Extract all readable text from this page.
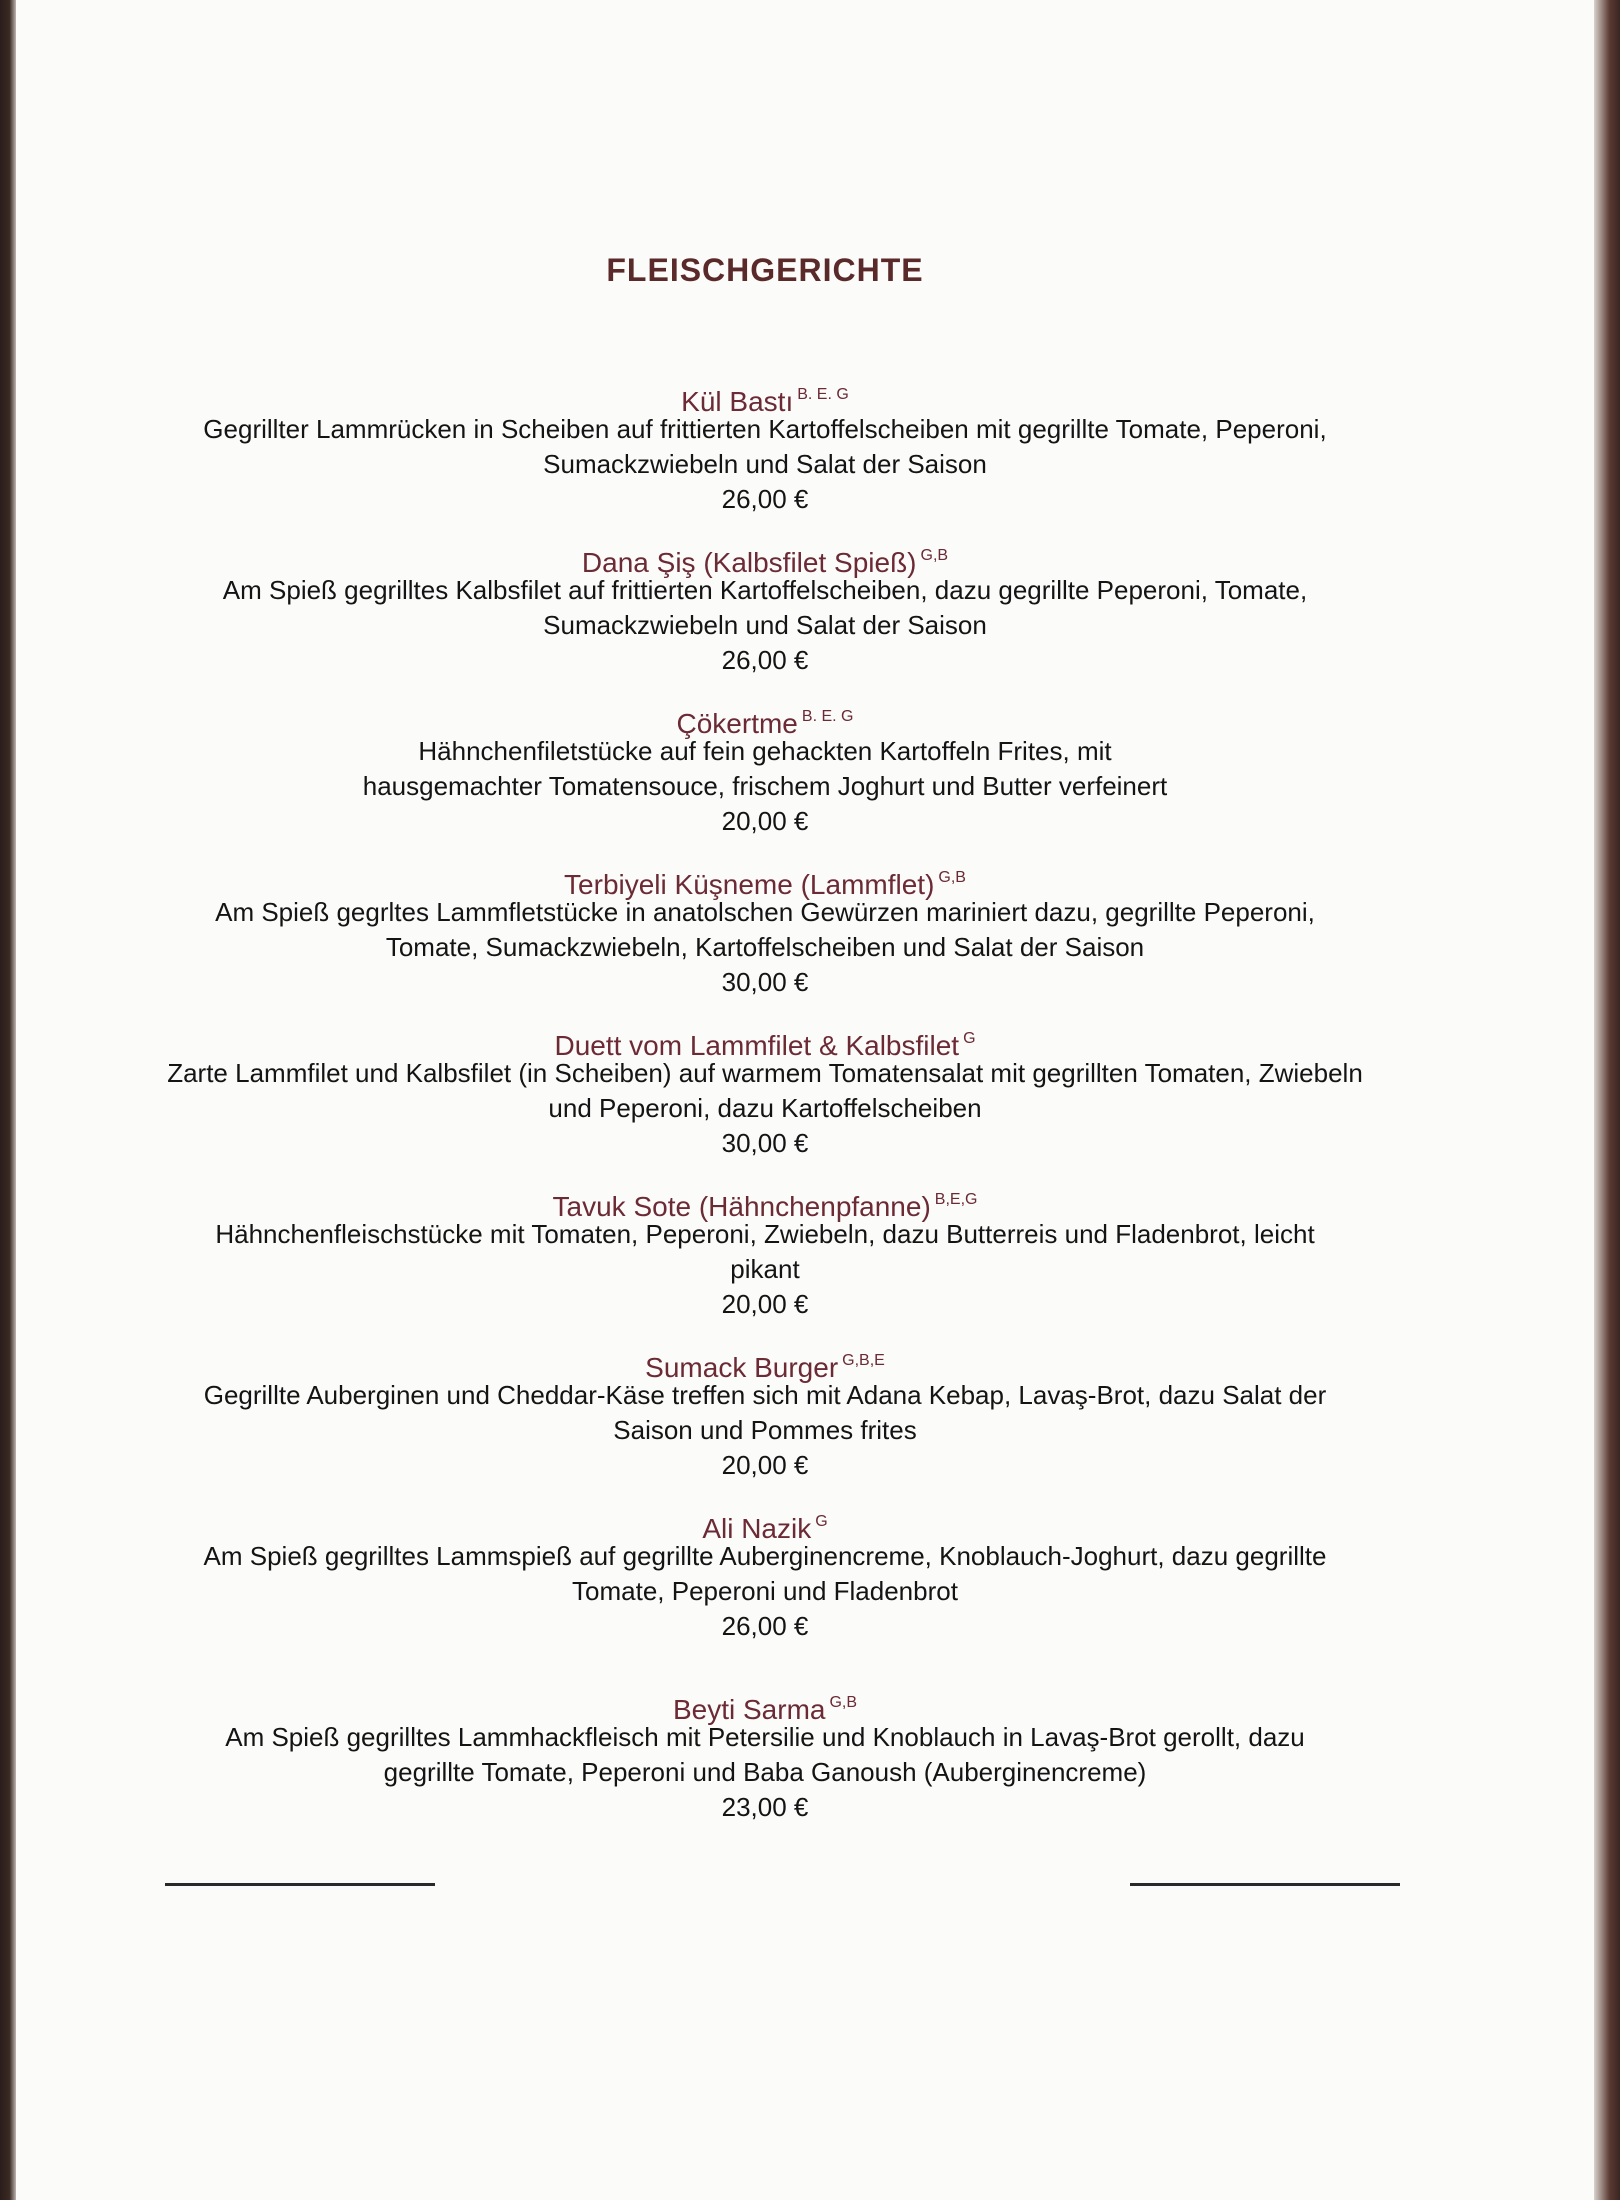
FLEISCHGERICHTE
Kül Bastı $^{B. E. G}$
Gegrillter Lammrücken in Scheiben auf frittierten Kartoffelscheiben mit gegrillte Tomate, Peperoni, Sumackzwiebeln und Salat der Saison
26,00 €
Dana Şiş (Kalbsfilet Spieß) $^{G,B}$
Am Spieß gegrilltes Kalbsfilet auf frittierten Kartoffelscheiben, dazu gegrillte Peperoni, Tomate, Sumackzwiebeln und Salat der Saison
26,00 €
Çökertme $^{B. E. G}$
Hähnchenfiletstücke auf fein gehackten Kartoffeln Frites, mit hausgemachter Tomatensouce, frischem Joghurt und Butter verfeinert
20,00 €
Terbiyeli Küşneme (Lammflet) $^{G,B}$
Am Spieß gegrltes Lammfletstücke in anatolschen Gewürzen mariniert dazu, gegrillte Peperoni, Tomate, Sumackzwiebeln, Kartoffelscheiben und Salat der Saison
30,00 €
Duett vom Lammfilet & Kalbsfilet $^G$
Zarte Lammfilet und Kalbsfilet (in Scheiben) auf warmem Tomatensalat mit gegrillten Tomaten, Zwiebeln und Peperoni, dazu Kartoffelscheiben
30,00 €
Tavuk Sote (Hähnchenpfanne) $^{B,E,G}$
Hähnchenfleischstücke mit Tomaten, Peperoni, Zwiebeln, dazu Butterreis und Fladenbrot, leicht pikant
20,00 €
Sumack Burger $^{G,B,E}$
Gegrillte Auberginen und Cheddar-Käse treffen sich mit Adana Kebap, Lavaş-Brot, dazu Salat der Saison und Pommes frites
20,00 €
Ali Nazik $^G$
Am Spieß gegrilltes Lammspieß auf gegrillte Auberginencreme, Knoblauch-Joghurt, dazu gegrillte Tomate, Peperoni und Fladenbrot
26,00 €
Beyti Sarma $^{G,B}$
Am Spieß gegrilltes Lammhackfleisch mit Petersilie und Knoblauch in Lavaş-Brot gerollt, dazu gegrillte Tomate, Peperoni und Baba Ganoush (Auberginencreme)
23,00 €
